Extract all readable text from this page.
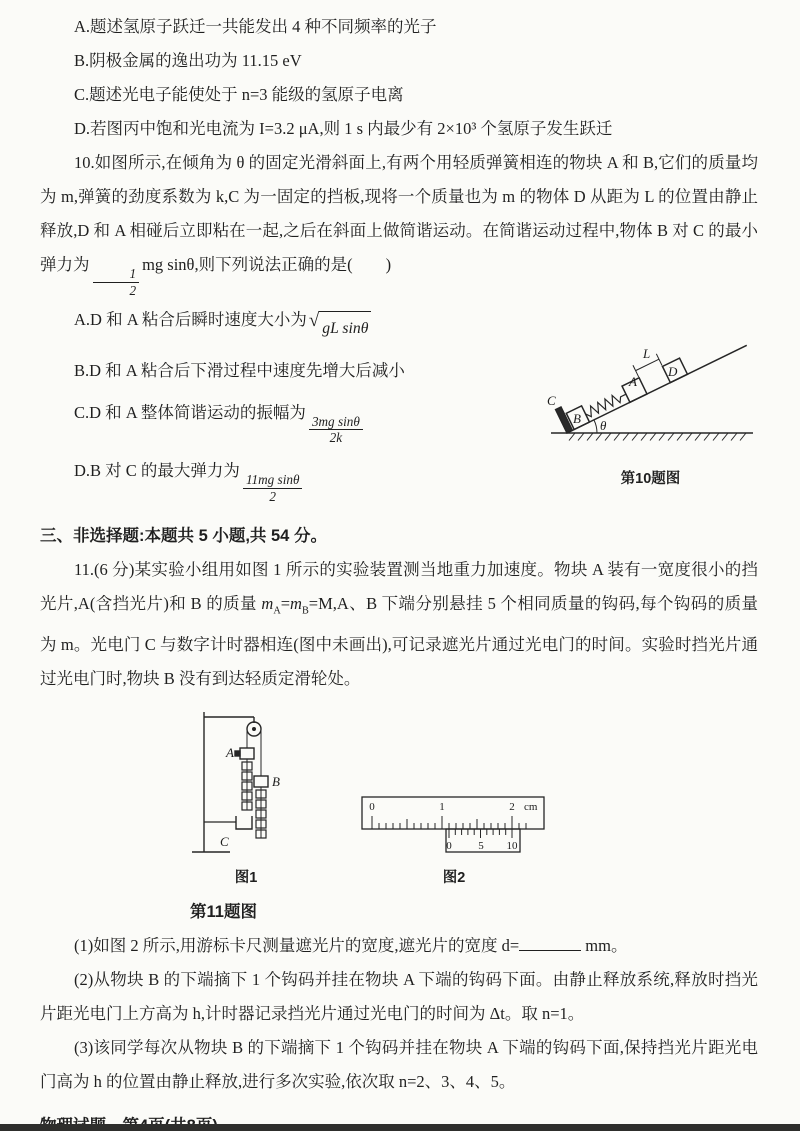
A.题述氢原子跃迁一共能发出 4 种不同频率的光子

B.阴极金属的逸出功为 11.15 eV

C.题述光电子能使处于 n=3 能级的氢原子电离

D.若图丙中饱和光电流为 I=3.2 μA,则 1 s 内最少有 2×10³ 个氢原子发生跃迁

10.如图所示,在倾角为 θ 的固定光滑斜面上,有两个用轻质弹簧相连的物块 A 和 B,它们的质量均为 m,弹簧的劲度系数为 k,C 为一固定的挡板,现将一个质量也为 m 的物体 D 从距为 L 的位置由静止释放,D 和 A 相碰后立即粘在一起,之后在斜面上做简谐运动。在简谐运动过程中,物体 B 对 C 的最小弹力为
$\frac{1}{2}$
mg sinθ,则下列说法正确的是(　　)

A.D 和 A 粘合后瞬时速度大小为 √ gL sinθ

B.D 和 A 粘合后下滑过程中速度先增大后减小

C.D 和 A 整体简谐运动的振幅为
$\frac{\text{3mg sinθ}}{2k}$

D.B 对 C 的最大弹力为
$\frac{\text{11mg sinθ}}{2}$

C
B θ
A
L
D
第10题图

三、非选择题:本题共 5 小题,共 54 分。

11.(6 分)某实验小组用如图 1 所示的实验装置测当地重力加速度。物块 A 装有一宽度很小的挡光片,A(含挡光片)和 B 的质量 $m_A=m_B=M,A$、B 下端分别悬挂 5 个相同质量的钩码,每个钩码的质量为 m。光电门 C 与数字计时器相连(图中未画出),可记录遮光片通过光电门的时间。实验时挡光片通过光电门时,物块 B 没有到达轻质定滑轮处。

A
B
C
图1
0	1	2 cm
0 5 10
图2

第11题图

(1)如图 2 所示,用游标卡尺测量遮光片的宽度,遮光片的宽度 d=	mm。

(2)从物块 B 的下端摘下 1 个钩码并挂在物块 A 下端的钩码下面。由静止释放系统,释放时挡光片距光电门上方高为 h,计时器记录挡光片通过光电门的时间为 Δt。取 n=1。

(3)该同学每次从物块 B 的下端摘下 1 个钩码并挂在物块 A 下端的钩码下面,保持挡光片距光电门高为 h 的位置由静止释放,进行多次实验,依次取 n=2、3、4、5。
